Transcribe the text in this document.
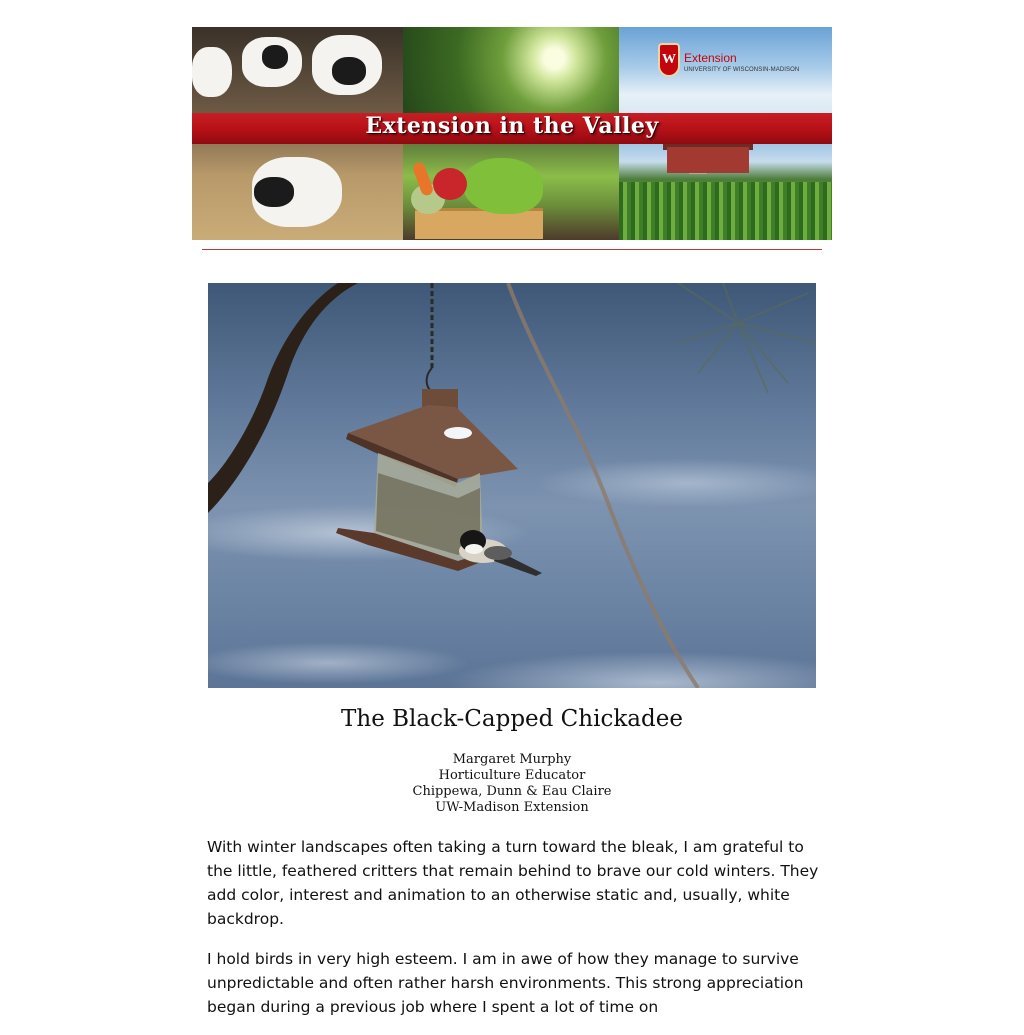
W Extension
UNIVERSITY OF WISCONSIN-MADISON
Extension in the Valley
The Black-Capped Chickadee
Margaret Murphy
Horticulture Educator
Chippewa, Dunn & Eau Claire
UW-Madison Extension

With winter landscapes often taking a turn toward the bleak, I am grateful to the little, feathered critters that remain behind to brave our cold winters. They add color, interest and animation to an otherwise static and, usually, white backdrop.

I hold birds in very high esteem. I am in awe of how they manage to survive unpredictable and often rather harsh environments. This strong appreciation began during a previous job where I spent a lot of time on
